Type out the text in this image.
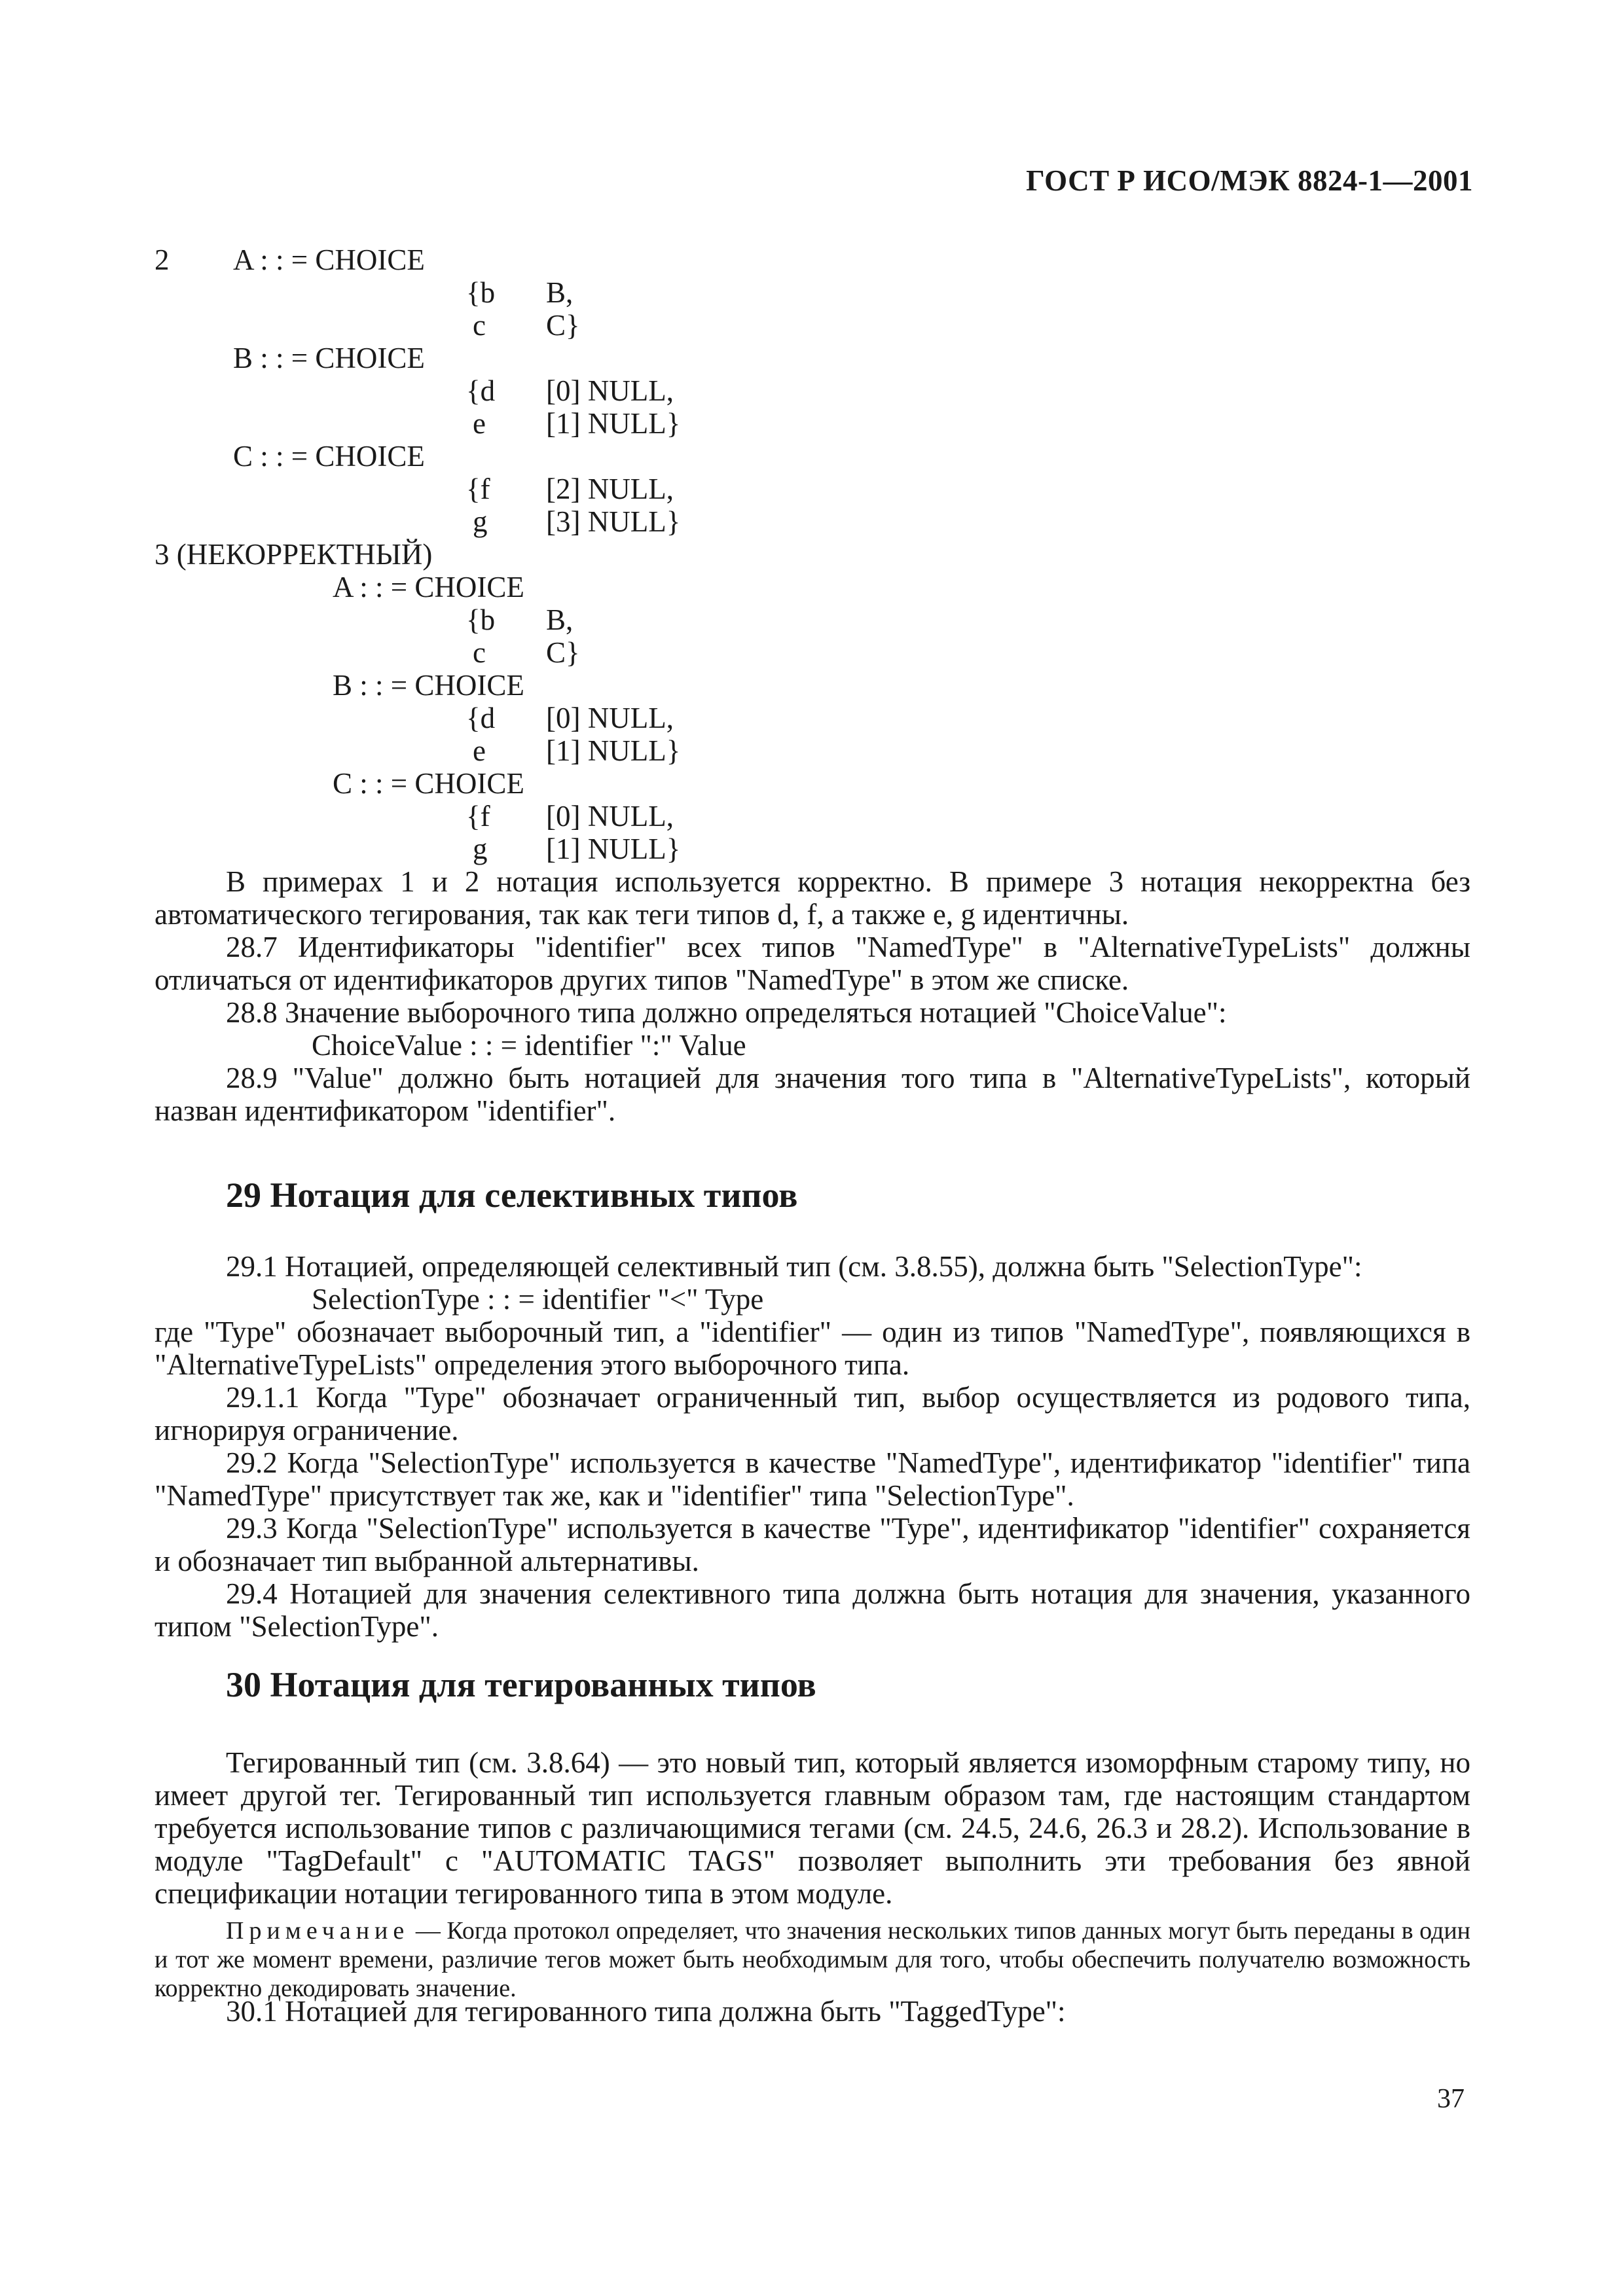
ГОСТ Р ИСО/МЭК 8824-1—2001
2 A : : = CHOICE
{b B,
c C}
B : : = CHOICE
{d [0] NULL,
e [1] NULL}
C : : = CHOICE
{f [2] NULL,
g [3] NULL}
3 (НЕКОРРЕКТНЫЙ)
A : : = CHOICE
{b B,
c C}
B : : = CHOICE
{d [0] NULL,
e [1] NULL}
C : : = CHOICE
{f [0] NULL,
g [1] NULL}

В примерах 1 и 2 нотация используется корректно. В примере 3 нотация некорректна без автоматического тегирования, так как теги типов d, f, а также e, g идентичны.

28.7 Идентификаторы "identifier" всех типов "NamedType" в "AlternativeTypeLists" должны отличаться от идентификаторов других типов "NamedType" в этом же списке.

28.8 Значение выборочного типа должно определяться нотацией "ChoiceValue":

ChoiceValue : : = identifier ":" Value

28.9 "Value" должно быть нотацией для значения того типа в "AlternativeTypeLists", который назван идентификатором "identifier".

29 Нотация для селективных типов

29.1 Нотацией, определяющей селективный тип (см. 3.8.55), должна быть "SelectionType":

SelectionType : : = identifier "<" Type

где "Type" обозначает выборочный тип, а "identifier" — один из типов "NamedType", появляющихся в "AlternativeTypeLists" определения этого выборочного типа.

29.1.1 Когда "Type" обозначает ограниченный тип, выбор осуществляется из родового типа, игнорируя ограничение.

29.2 Когда "SelectionType" используется в качестве "NamedType", идентификатор "identifier" типа "NamedType" присутствует так же, как и "identifier" типа "SelectionType".

29.3 Когда "SelectionType" используется в качестве "Type", идентификатор "identifier" сохраняется и обозначает тип выбранной альтернативы.

29.4 Нотацией для значения селективного типа должна быть нотация для значения, указанного типом "SelectionType".

30 Нотация для тегированных типов

Тегированный тип (см. 3.8.64) — это новый тип, который является изоморфным старому типу, но имеет другой тег. Тегированный тип используется главным образом там, где настоящим стандартом требуется использование типов с различающимися тегами (см. 24.5, 24.6, 26.3 и 28.2). Использование в модуле "TagDefault" с "AUTOMATIC TAGS" позволяет выполнить эти требования без явной спецификации нотации тегированного типа в этом модуле.

Примечание — Когда протокол определяет, что значения нескольких типов данных могут быть переданы в один и тот же момент времени, различие тегов может быть необходимым для того, чтобы обеспечить получателю возможность корректно декодировать значение.

30.1 Нотацией для тегированного типа должна быть "TaggedType":

37
